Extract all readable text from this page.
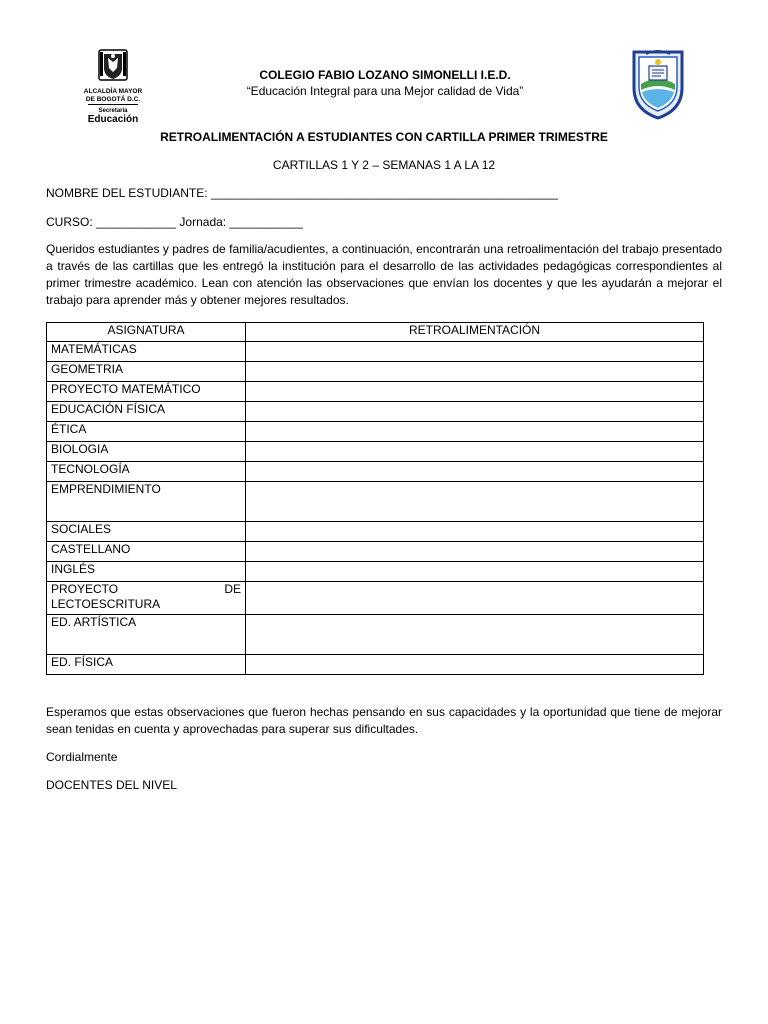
ALCALDÍA MAYOR
DE BOGOTÁ D.C.
Secretaría
Educación
COLEGIO FABIO LOZANO SIMONELLI I.E.D.
“Educación Integral para una Mejor calidad de Vida”
RETROALIMENTACIÓN A ESTUDIANTES CON CARTILLA PRIMER TRIMESTRE
CARTILLAS 1 Y 2 – SEMANAS 1 A LA 12
NOMBRE DEL ESTUDIANTE: ____________________________________________________
CURSO: ____________ Jornada: ___________
Queridos estudiantes y padres de familia/acudientes, a continuación, encontrarán una retroalimentación del trabajo presentado a través de las cartillas que les entregó la institución para el desarrollo de las actividades pedagógicas correspondientes al primer trimestre académico. Lean con atención las observaciones que envían los docentes y que les ayudarán a mejorar el trabajo para aprender más y obtener mejores resultados.
ASIGNATURA	RETROALIMENTACIÓN
MATEMÁTICAS	
GEOMETRIA	
PROYECTO MATEMÁTICO	
EDUCACIÓN FÍSICA	
ÉTICA	
BIOLOGIA	
TECNOLOGÍA	
EMPRENDIMIENTO	
SOCIALES	
CASTELLANO	
INGLÉS	

PROYECTO DE
LECTOESCRITURA	

ED. ARTÍSTICA	
ED. FÍSICA	
Esperamos que estas observaciones que fueron hechas pensando en sus capacidades y la oportunidad que tiene de mejorar sean tenidas en cuenta y aprovechadas para superar sus dificultades.
Cordialmente
DOCENTES DEL NIVEL
